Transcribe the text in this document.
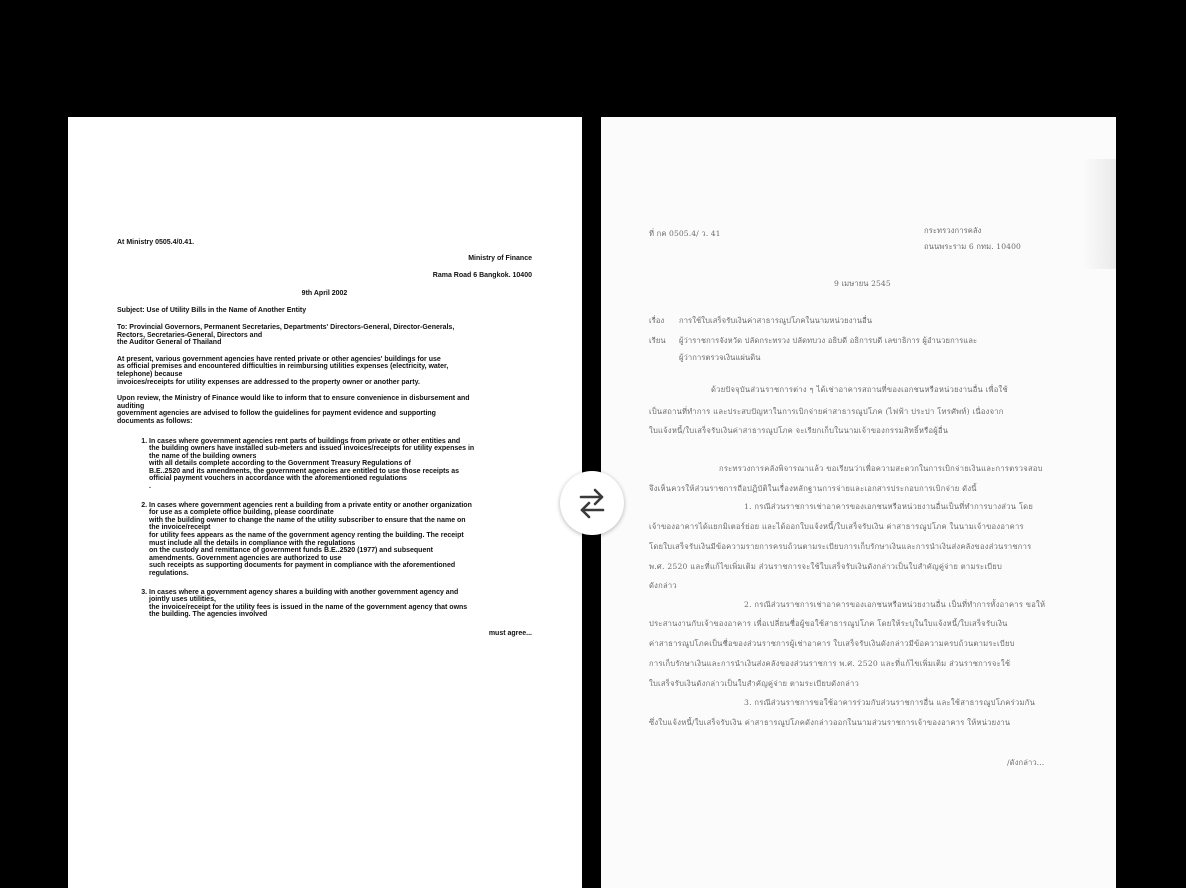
At Ministry 0505.4/0.41.

Ministry of Finance

Rama Road 6 Bangkok. 10400

9th April 2002

Subject: Use of Utility Bills in the Name of Another Entity

To: Provincial Governors, Permanent Secretaries, Departments' Directors-General, Director-Generals,

Rectors, Secretaries-General, Directors and

the Auditor General of Thailand

At present, various government agencies have rented private or other agencies' buildings for use

as official premises and encountered difficulties in reimbursing utilities expenses (electricity, water,

telephone) because

invoices/receipts for utility expenses are addressed to the property owner or another party.

Upon review, the Ministry of Finance would like to inform that to ensure convenience in disbursement and

auditing

government agencies are advised to follow the guidelines for payment evidence and supporting

documents as follows:

1. In cases where government agencies rent parts of buildings from private or other entities and
the building owners have installed sub-meters and issued invoices/receipts for utility expenses in
the name of the building owners
with all details complete according to the Government Treasury Regulations of
B.E..2520 and its amendments, the government agencies are entitled to use those receipts as
official payment vouchers in accordance with the aforementioned regulations
.
2. In cases where government agencies rent a building from a private entity or another organization
for use as a complete office building, please coordinate
with the building owner to change the name of the utility subscriber to ensure that the name on
the invoice/receipt
for utility fees appears as the name of the government agency renting the building. The receipt
must include all the details in compliance with the regulations
on the custody and remittance of government funds B.E..2520 (1977) and subsequent
amendments. Government agencies are authorized to use
such receipts as supporting documents for payment in compliance with the aforementioned
regulations.
3. In cases where a government agency shares a building with another government agency and
jointly uses utilities,
the invoice/receipt for the utility fees is issued in the name of the government agency that owns
the building. The agencies involved

must agree...

ที่ กค 0505.4/ ว. 41	กระทรวงการคลัง
ถนนพระราม 6 กทม. 10400
9 เมษายน 2545
เรื่อง การใช้ใบเสร็จรับเงินค่าสาธารณูปโภคในนามหน่วยงานอื่น
เรียน ผู้ว่าราชการจังหวัด ปลัดกระทรวง ปลัดทบวง อธิบดี อธิการบดี เลขาธิการ ผู้อำนวยการและ
ผู้ว่าการตรวจเงินแผ่นดิน
ด้วยปัจจุบันส่วนราชการต่าง ๆ ได้เช่าอาคารสถานที่ของเอกชนหรือหน่วยงานอื่น เพื่อใช้
เป็นสถานที่ทำการ และประสบปัญหาในการเบิกจ่ายค่าสาธารณูปโภค (ไฟฟ้า ประปา โทรศัพท์) เนื่องจาก
ใบแจ้งหนี้/ใบเสร็จรับเงินค่าสาธารณูปโภค จะเรียกเก็บในนามเจ้าของกรรมสิทธิ์หรือผู้อื่น
กระทรวงการคลังพิจารณาแล้ว ขอเรียนว่าเพื่อความสะดวกในการเบิกจ่ายเงินและการตรวจสอบ
จึงเห็นควรให้ส่วนราชการถือปฏิบัติในเรื่องหลักฐานการจ่ายและเอกสารประกอบการเบิกจ่าย ดังนี้
1. กรณีส่วนราชการเช่าอาคารของเอกชนหรือหน่วยงานอื่นเป็นที่ทำการบางส่วน โดย
เจ้าของอาคารได้แยกมิเตอร์ย่อย และได้ออกใบแจ้งหนี้/ใบเสร็จรับเงิน ค่าสาธารณูปโภค ในนามเจ้าของอาคาร
โดยใบเสร็จรับเงินมีข้อความรายการครบถ้วนตามระเบียบการเก็บรักษาเงินและการนำเงินส่งคลังของส่วนราชการ
พ.ศ. 2520 และที่แก้ไขเพิ่มเติม ส่วนราชการจะใช้ใบเสร็จรับเงินดังกล่าวเป็นใบสำคัญคู่จ่าย ตามระเบียบ
ดังกล่าว
2. กรณีส่วนราชการเช่าอาคารของเอกชนหรือหน่วยงานอื่น เป็นที่ทำการทั้งอาคาร ขอให้
ประสานงานกับเจ้าของอาคาร เพื่อเปลี่ยนชื่อผู้ขอใช้สาธารณูปโภค โดยให้ระบุในใบแจ้งหนี้/ใบเสร็จรับเงิน
ค่าสาธารณูปโภคเป็นชื่อของส่วนราชการผู้เช่าอาคาร ใบเสร็จรับเงินดังกล่าวมีข้อความครบถ้วนตามระเบียบ
การเก็บรักษาเงินและการนำเงินส่งคลังของส่วนราชการ พ.ศ. 2520 และที่แก้ไขเพิ่มเติม ส่วนราชการจะใช้
ใบเสร็จรับเงินดังกล่าวเป็นใบสำคัญคู่จ่าย ตามระเบียบดังกล่าว
3. กรณีส่วนราชการขอใช้อาคารร่วมกับส่วนราชการอื่น และใช้สาธารณูปโภคร่วมกัน
ซึ่งใบแจ้งหนี้/ใบเสร็จรับเงิน ค่าสาธารณูปโภคดังกล่าวออกในนามส่วนราชการเจ้าของอาคาร ให้หน่วยงาน
/ดังกล่าว...
